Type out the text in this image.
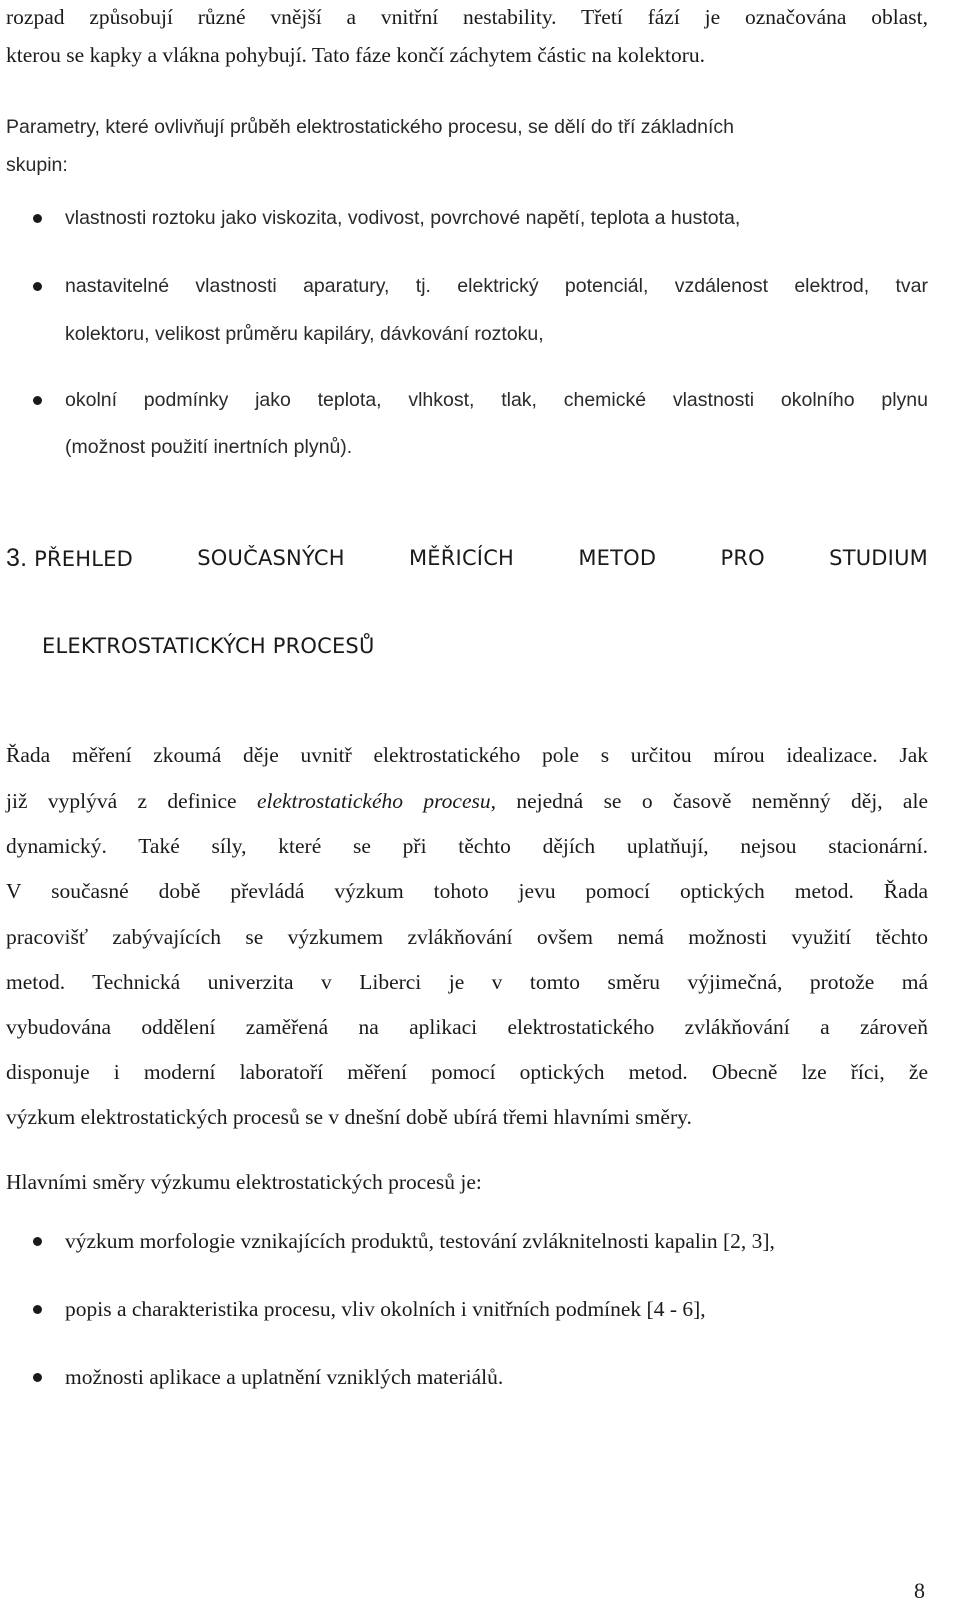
rozpad způsobují různé vnější a vnitřní nestability. Třetí fází je označována oblast,
kterou se kapky a vlákna pohybují. Tato fáze končí záchytem částic na kolektoru.
Parametry, které ovlivňují průběh elektrostatického procesu, se dělí do tří základních
skupin:
vlastnosti roztoku jako viskozita, vodivost, povrchové napětí, teplota a hustota,
nastavitelné vlastnosti aparatury, tj. elektrický potenciál, vzdálenost elektrod, tvar
kolektoru, velikost průměru kapiláry, dávkování roztoku,
okolní podmínky jako teplota, vlhkost, tlak, chemické vlastnosti okolního plynu
(možnost použití inertních plynů).
3. PŘEHLED	SOUČASNÝCH	MĚŘICÍCH	METOD	PRO	STUDIUM
ELEKTROSTATICKÝCH PROCESŮ
Řada měření zkoumá děje uvnitř elektrostatického pole s určitou mírou idealizace. Jak
již vyplývá z definice elektrostatického procesu, nejedná se o časově neměnný děj, ale
dynamický. Také síly, které se při těchto dějích uplatňují, nejsou stacionární.
V současné době převládá výzkum tohoto jevu pomocí optických metod. Řada
pracovišť zabývajících se výzkumem zvlákňování ovšem nemá možnosti využití těchto
metod. Technická univerzita v Liberci je v tomto směru výjimečná, protože má
vybudována oddělení zaměřená na aplikaci elektrostatického zvlákňování a zároveň
disponuje i moderní laboratoří měření pomocí optických metod. Obecně lze říci, že
výzkum elektrostatických procesů se v dnešní době ubírá třemi hlavními směry.
Hlavními směry výzkumu elektrostatických procesů je:
výzkum morfologie vznikajících produktů, testování zvláknitelnosti kapalin [2, 3],
popis a charakteristika procesu, vliv okolních i vnitřních podmínek [4 - 6],
možnosti aplikace a uplatnění vzniklých materiálů.
8
